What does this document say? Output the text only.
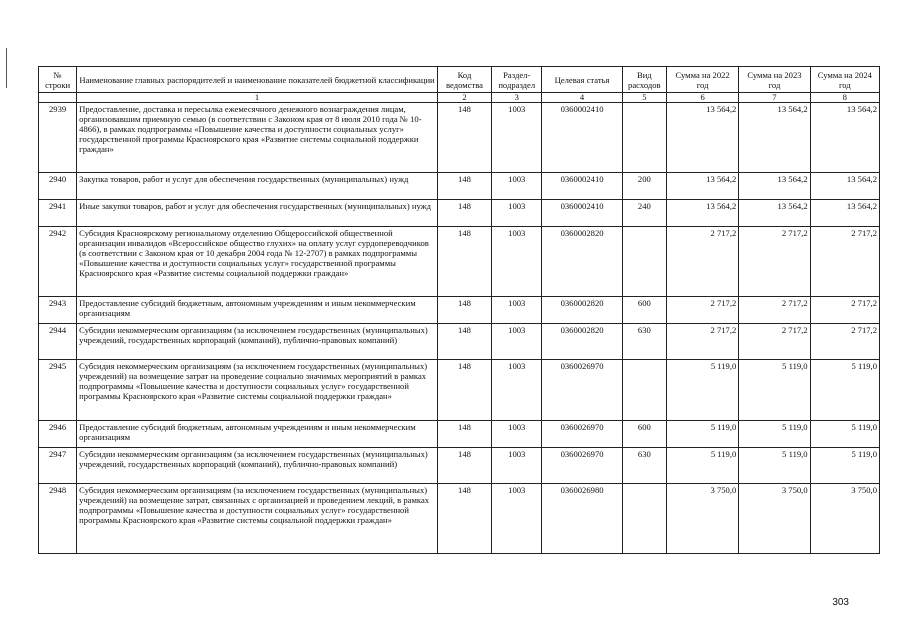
№ строки	Наименование главных распорядителей и наименование показателей бюджетной классификации	Код ведомства	Раздел-подраздел	Целевая статья	Вид расходов	Сумма на 2022 год	Сумма на 2023 год	Сумма на 2024 год
	1	2	3	4	5	6	7	8
2939	Предоставление, доставка и пересылка ежемесячного денежного вознаграждения лицам, организовавшим приемную семью (в соответствии с Законом края от 8 июля 2010 года № 10-4866), в рамках подпрограммы «Повышение качества и доступности социальных услуг» государственной программы Красноярского края «Развитие системы социальной поддержки граждан»	148	1003	0360002410		13 564,2	13 564,2	13 564,2
2940	Закупка товаров, работ и услуг для обеспечения государственных (муниципальных) нужд	148	1003	0360002410	200	13 564,2	13 564,2	13 564,2
2941	Иные закупки товаров, работ и услуг для обеспечения государственных (муниципальных) нужд	148	1003	0360002410	240	13 564,2	13 564,2	13 564,2
2942	Субсидия Красноярскому региональному отделению Общероссийской общественной организации инвалидов «Всероссийское общество глухих» на оплату услуг сурдопереводчиков (в соответствии с Законом края от 10 декабря 2004 года № 12-2707) в рамках подпрограммы «Повышение качества и доступности социальных услуг» государственной программы Красноярского края «Развитие системы социальной поддержки граждан»	148	1003	0360002820		2 717,2	2 717,2	2 717,2
2943	Предоставление субсидий бюджетным, автономным учреждениям и иным некоммерческим организациям	148	1003	0360002820	600	2 717,2	2 717,2	2 717,2
2944	Субсидии некоммерческим организациям (за исключением государственных (муниципальных) учреждений, государственных корпораций (компаний), публично-правовых компаний)	148	1003	0360002820	630	2 717,2	2 717,2	2 717,2
2945	Субсидия некоммерческим организациям (за исключением государственных (муниципальных) учреждений) на возмещение затрат на проведение социально значимых мероприятий в рамках подпрограммы «Повышение качества и доступности социальных услуг» государственной программы Красноярского края «Развитие системы социальной поддержки граждан»	148	1003	0360026970		5 119,0	5 119,0	5 119,0
2946	Предоставление субсидий бюджетным, автономным учреждениям и иным некоммерческим организациям	148	1003	0360026970	600	5 119,0	5 119,0	5 119,0
2947	Субсидии некоммерческим организациям (за исключением государственных (муниципальных) учреждений, государственных корпораций (компаний), публично-правовых компаний)	148	1003	0360026970	630	5 119,0	5 119,0	5 119,0
2948	Субсидия некоммерческим организациям (за исключением государственных (муниципальных) учреждений) на возмещение затрат, связанных с организацией и проведением лекций, в рамках подпрограммы «Повышение качества и доступности социальных услуг» государственной программы Красноярского края «Развитие системы социальной поддержки граждан»	148	1003	0360026980		3 750,0	3 750,0	3 750,0
303
